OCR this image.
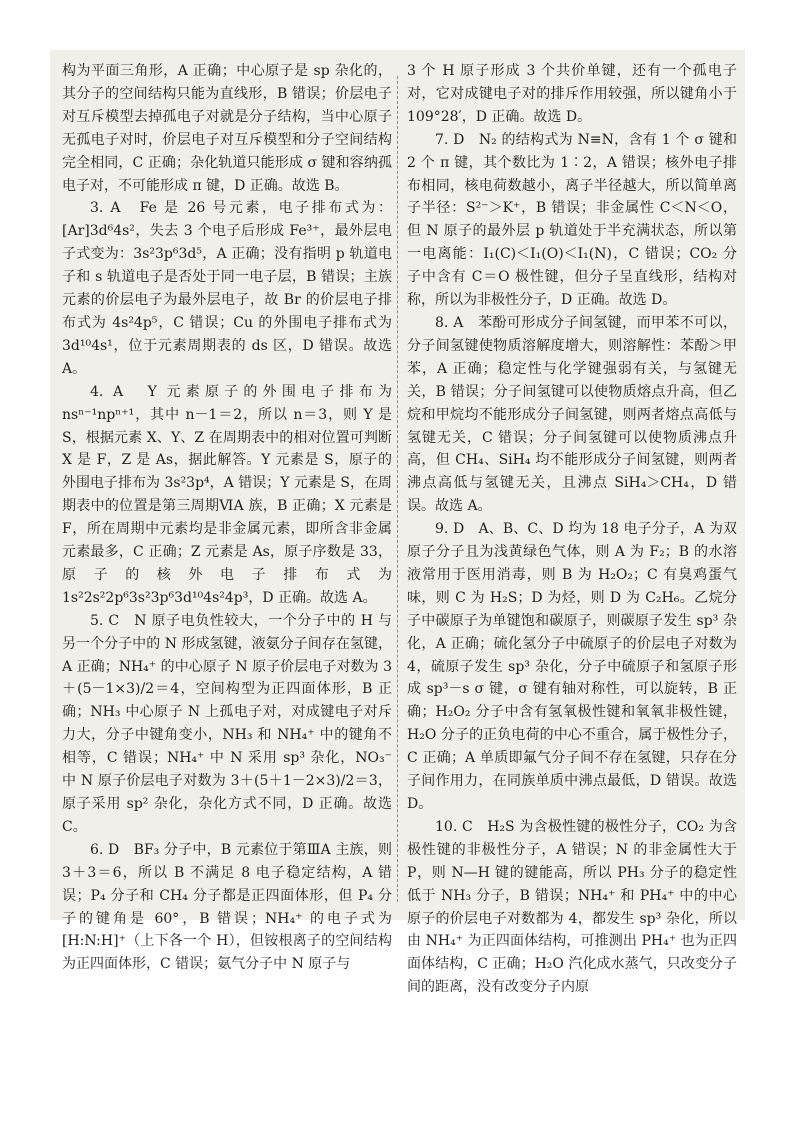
构为平面三角形，A 正确；中心原子是 sp 杂化的，其分子的空间结构只能为直线形，B 错误；价层电子对互斥模型去掉孤电子对就是分子结构，当中心原子无孤电子对时，价层电子对互斥模型和分子空间结构完全相同，C 正确；杂化轨道只能形成 σ 键和容纳孤电子对，不可能形成 π 键，D 正确。故选 B。

3. A　Fe 是 26 号元素，电子排布式为：[Ar]3d⁶4s²，失去 3 个电子后形成 Fe³⁺，最外层电子式变为：3s²3p⁶3d⁵，A 正确；没有指明 p 轨道电子和 s 轨道电子是否处于同一电子层，B 错误；主族元素的价层电子为最外层电子，故 Br 的价层电子排布式为 4s²4p⁵，C 错误；Cu 的外围电子排布式为 3d¹⁰4s¹，位于元素周期表的 ds 区，D 错误。故选 A。

4. A　Y 元素原子的外围电子排布为 nsⁿ⁻¹npⁿ⁺¹，其中 n－1＝2，所以 n＝3，则 Y 是 S，根据元素 X、Y、Z 在周期表中的相对位置可判断 X 是 F，Z 是 As，据此解答。Y 元素是 S，原子的外围电子排布为 3s²3p⁴，A 错误；Y 元素是 S，在周期表中的位置是第三周期ⅥA 族，B 正确；X 元素是 F，所在周期中元素均是非金属元素，即所含非金属元素最多，C 正确；Z 元素是 As，原子序数是 33，原子的核外电子排布式为 1s²2s²2p⁶3s²3p⁶3d¹⁰4s²4p³，D 正确。故选 A。

5. C　N 原子电负性较大，一个分子中的 H 与另一个分子中的 N 形成氢键，液氨分子间存在氢键，A 正确；NH₄⁺ 的中心原子 N 原子价层电子对数为 3＋(5－1×3)/2＝4，空间构型为正四面体形，B 正确；NH₃ 中心原子 N 上孤电子对，对成键电子对斥力大，分子中键角变小，NH₃ 和 NH₄⁺ 中的键角不相等，C 错误；NH₄⁺ 中 N 采用 sp³ 杂化，NO₃⁻ 中 N 原子价层电子对数为 3＋(5＋1－2×3)/2＝3，原子采用 sp² 杂化，杂化方式不同，D 正确。故选 C。

6. D　BF₃ 分子中，B 元素位于第ⅢA 主族，则 3＋3＝6，所以 B 不满足 8 电子稳定结构，A 错误；P₄ 分子和 CH₄ 分子都是正四面体形，但 P₄ 分子的键角是 60°，B 错误；NH₄⁺ 的电子式为 [H:N:H]⁺（上下各一个 H），但铵根离子的空间结构为正四面体形，C 错误；氨气分子中 N 原子与

3 个 H 原子形成 3 个共价单键，还有一个孤电子对，它对成键电子对的排斥作用较强，所以键角小于 109°28′，D 正确。故选 D。

7. D　N₂ 的结构式为 N≡N，含有 1 个 σ 键和 2 个 π 键，其个数比为 1∶2，A 错误；核外电子排布相同，核电荷数越小，离子半径越大，所以简单离子半径：S²⁻＞K⁺，B 错误；非金属性 C＜N＜O，但 N 原子的最外层 p 轨道处于半充满状态，所以第一电离能：I₁(C)＜I₁(O)＜I₁(N)，C 错误；CO₂ 分子中含有 C＝O 极性键，但分子呈直线形，结构对称，所以为非极性分子，D 正确。故选 D。

8. A　苯酚可形成分子间氢键，而甲苯不可以，分子间氢键使物质溶解度增大，则溶解性：苯酚＞甲苯，A 正确；稳定性与化学键强弱有关，与氢键无关，B 错误；分子间氢键可以使物质熔点升高，但乙烷和甲烷均不能形成分子间氢键，则两者熔点高低与氢键无关，C 错误；分子间氢键可以使物质沸点升高，但 CH₄、SiH₄ 均不能形成分子间氢键，则两者沸点高低与氢键无关，且沸点 SiH₄＞CH₄，D 错误。故选 A。

9. D　A、B、C、D 均为 18 电子分子，A 为双原子分子且为浅黄绿色气体，则 A 为 F₂；B 的水溶液常用于医用消毒，则 B 为 H₂O₂；C 有臭鸡蛋气味，则 C 为 H₂S；D 为烃，则 D 为 C₂H₆。乙烷分子中碳原子为单键饱和碳原子，则碳原子发生 sp³ 杂化，A 正确；硫化氢分子中硫原子的价层电子对数为 4，硫原子发生 sp³ 杂化，分子中硫原子和氢原子形成 sp³－s σ 键，σ 键有轴对称性，可以旋转，B 正确；H₂O₂ 分子中含有氢氧极性键和氧氧非极性键，H₂O 分子的正负电荷的中心不重合，属于极性分子，C 正确；A 单质即氟气分子间不存在氢键，只存在分子间作用力，在同族单质中沸点最低，D 错误。故选 D。

10. C　H₂S 为含极性键的极性分子，CO₂ 为含极性键的非极性分子，A 错误；N 的非金属性大于 P，则 N—H 键的键能高，所以 PH₃ 分子的稳定性低于 NH₃ 分子，B 错误；NH₄⁺ 和 PH₄⁺ 中的中心原子的价层电子对数都为 4，都发生 sp³ 杂化，所以由 NH₄⁺ 为正四面体结构，可推测出 PH₄⁺ 也为正四面体结构，C 正确；H₂O 汽化成水蒸气，只改变分子间的距离，没有改变分子内原
